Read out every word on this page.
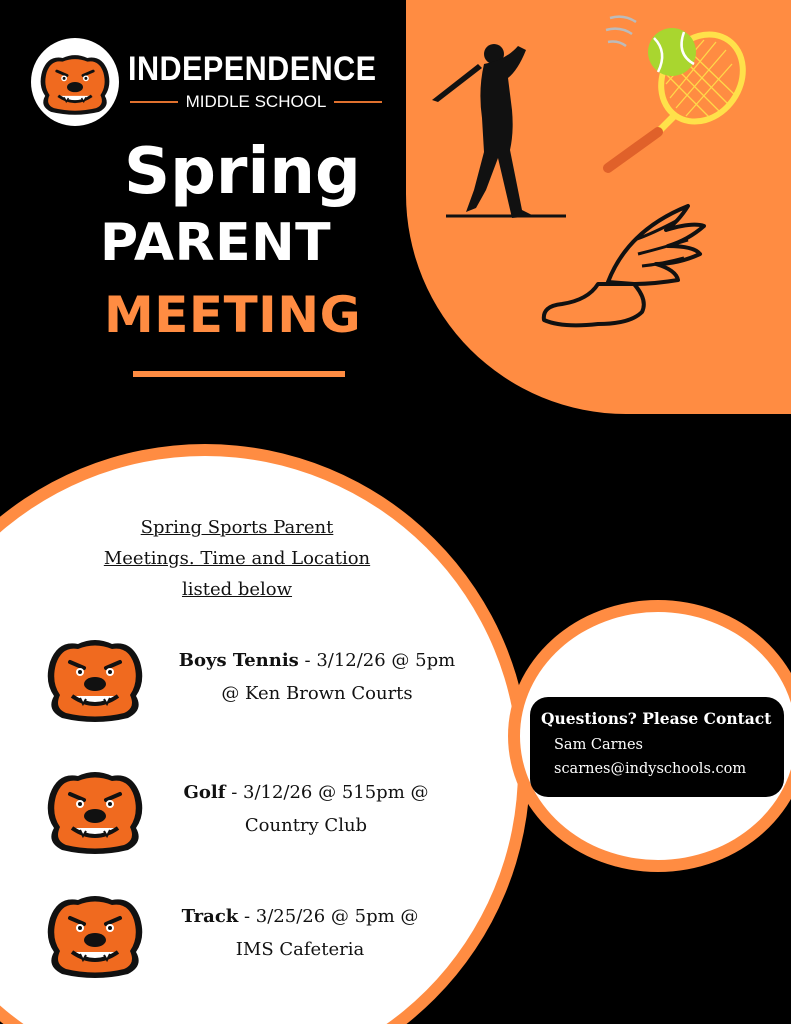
INDEPENDENCE
MIDDLE SCHOOL
Spring
PARENT
MEETING
Spring Sports Parent
Meetings. Time and Location
listed below
Boys Tennis - 3/12/26 @ 5pm
@ Ken Brown Courts
Golf - 3/12/26 @ 515pm @
Country Club
Track - 3/25/26 @ 5pm @
IMS Cafeteria
Questions? Please Contact
Sam Carnes
scarnes@indyschools.com
